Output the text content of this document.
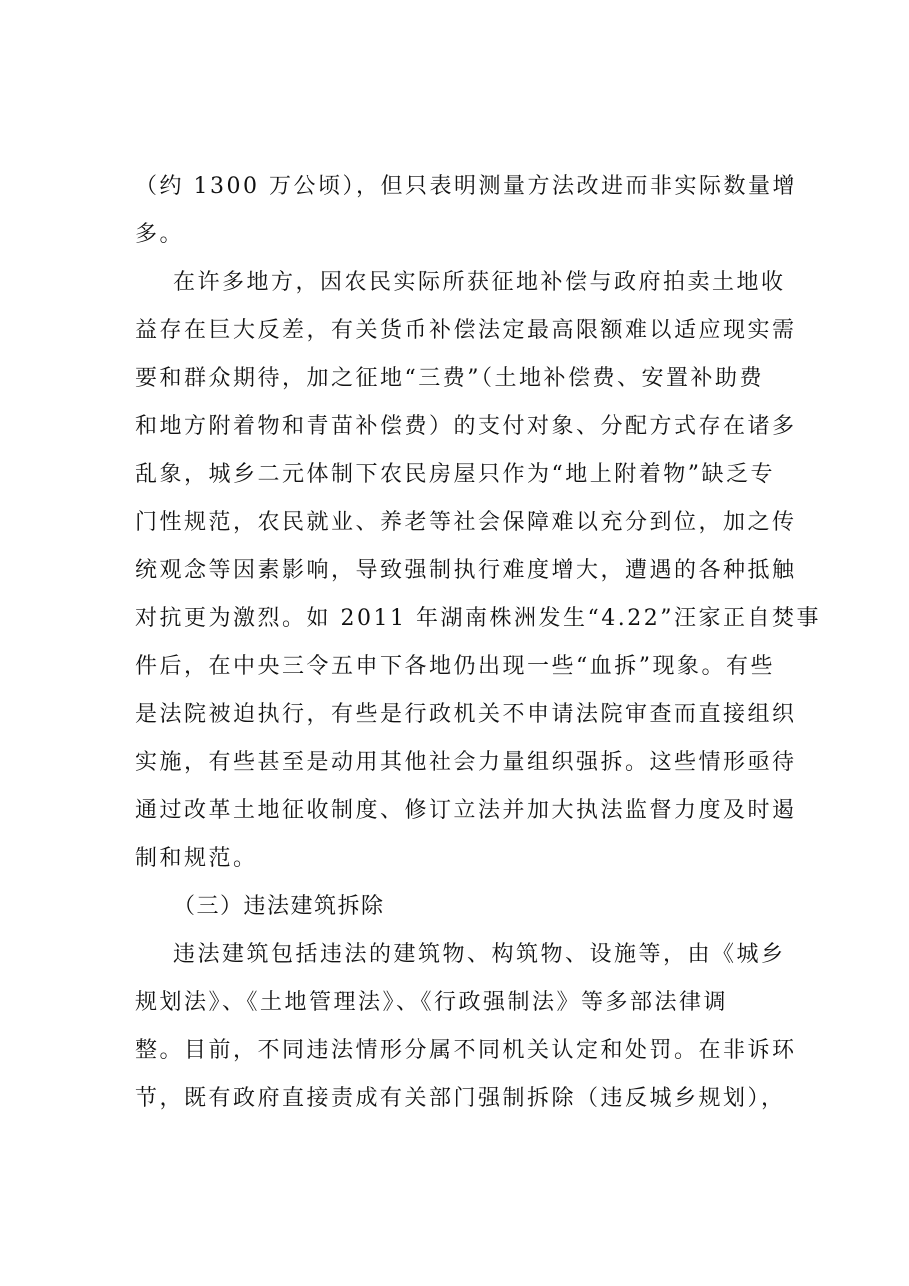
（约 1300 万公顷），但只表明测量方法改进而非实际数量增
多。
在许多地方，因农民实际所获征地补偿与政府拍卖土地收
益存在巨大反差，有关货币补偿法定最高限额难以适应现实需
要和群众期待，加之征地“三费”（土地补偿费、安置补助费
和地方附着物和青苗补偿费）的支付对象、分配方式存在诸多
乱象，城乡二元体制下农民房屋只作为“地上附着物”缺乏专
门性规范，农民就业、养老等社会保障难以充分到位，加之传
统观念等因素影响，导致强制执行难度增大，遭遇的各种抵触
对抗更为激烈。如 2011 年湖南株洲发生“4.22”汪家正自焚事
件后，在中央三令五申下各地仍出现一些“血拆”现象。有些
是法院被迫执行，有些是行政机关不申请法院审查而直接组织
实施，有些甚至是动用其他社会力量组织强拆。这些情形亟待
通过改革土地征收制度、修订立法并加大执法监督力度及时遏
制和规范。
（三）违法建筑拆除
违法建筑包括违法的建筑物、构筑物、设施等，由《城乡
规划法》、《土地管理法》、《行政强制法》等多部法律调
整。目前，不同违法情形分属不同机关认定和处罚。在非诉环
节，既有政府直接责成有关部门强制拆除（违反城乡规划），
